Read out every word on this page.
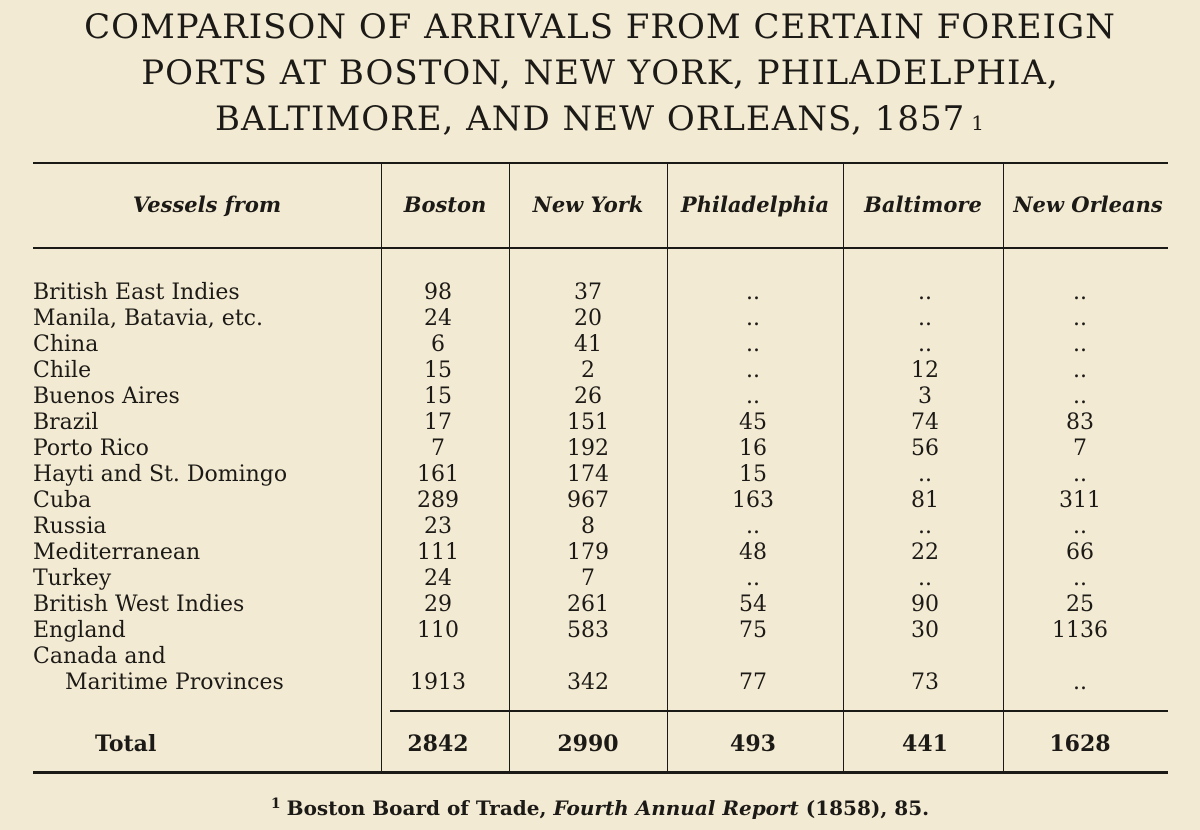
COMPARISON OF ARRIVALS FROM CERTAIN FOREIGN
PORTS AT BOSTON, NEW YORK, PHILADELPHIA,
BALTIMORE, AND NEW ORLEANS, 1857 $^1$
Vessels from	Boston	New York	Philadelphia	Baltimore	New Orleans
British East Indies	98	37	..	..	..
Manila, Batavia, etc.	24	20	..	..	..
China	6	41	..	..	..
Chile	15	2	..	12	..
Buenos Aires	15	26	..	3	..
Brazil	17	151	45	74	83
Porto Rico	7	192	16	56	7
Hayti and St. Domingo	161	174	15	..	..
Cuba	289	967	163	81	311
Russia	23	8	..	..	..
Mediterranean	111	179	48	22	66
Turkey	24	7	..	..	..
British West Indies	29	261	54	90	25
England	110	583	75	30	1136
Canada and
Maritime Provinces	1913	342	77	73	..
Total	2842	2990	493	441	1628
$^1$ Boston Board of Trade, Fourth Annual Report (1858), 85.
